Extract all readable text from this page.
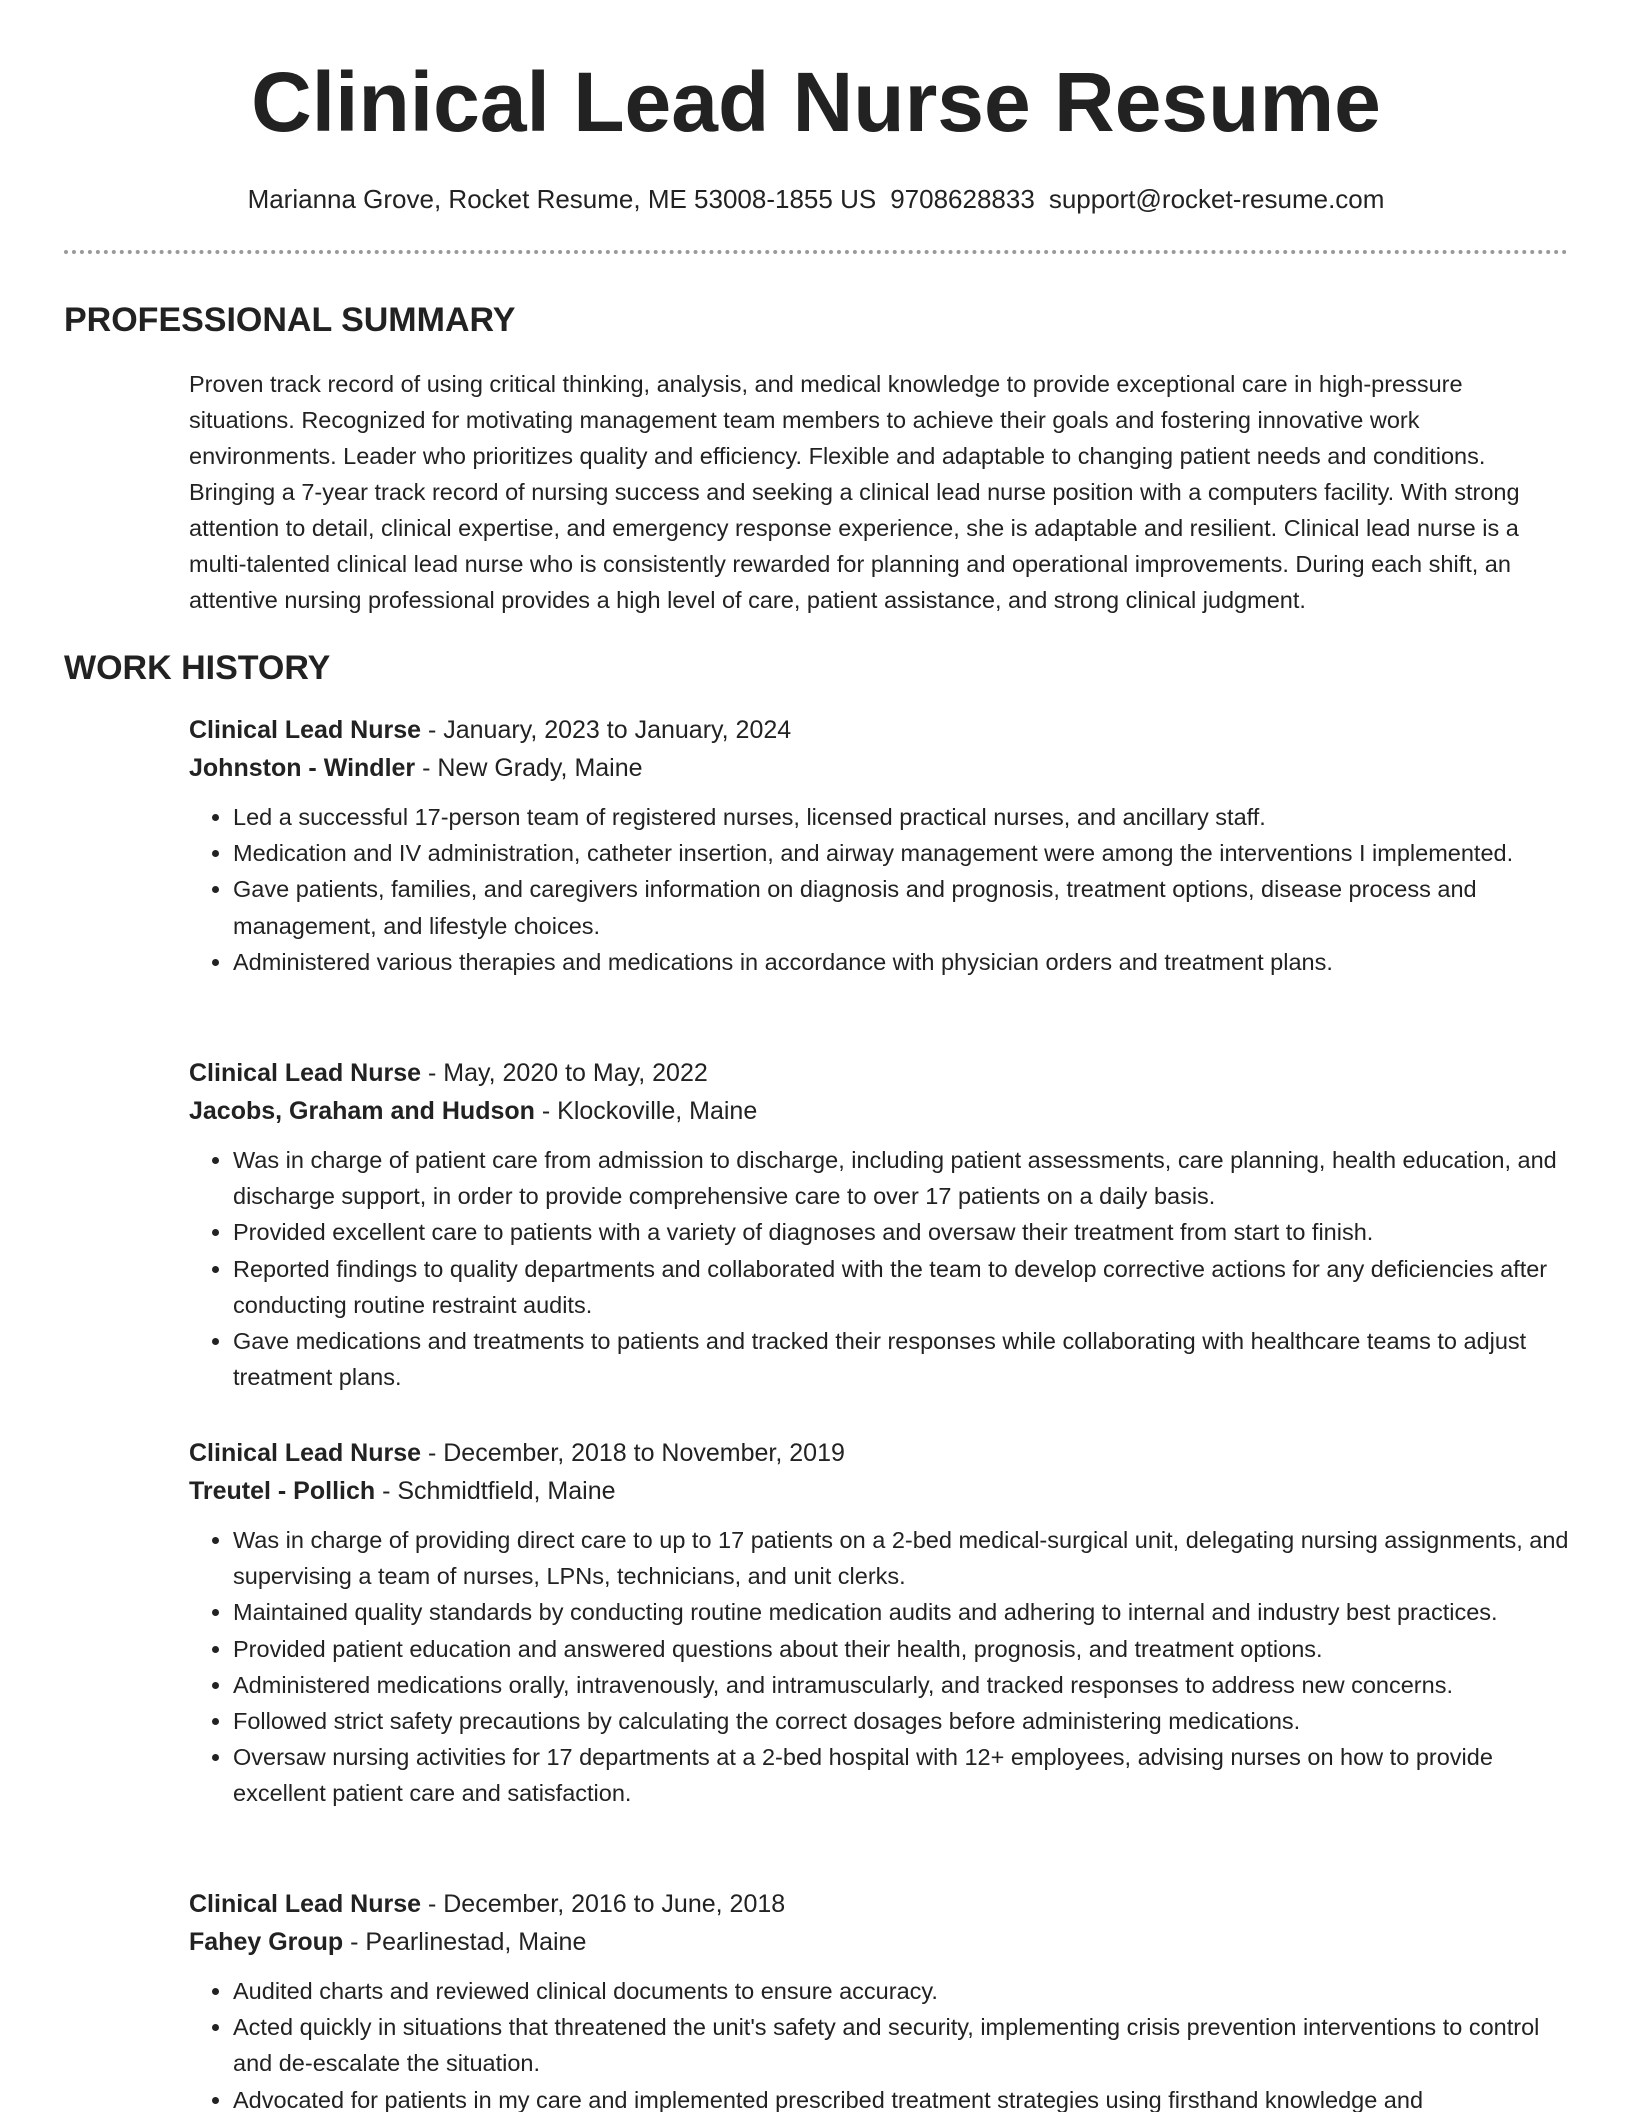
Clinical Lead Nurse Resume
Marianna Grove, Rocket Resume, ME 53008-1855 US 9708628833 support@rocket-resume.com
PROFESSIONAL SUMMARY

Proven track record of using critical thinking, analysis, and medical knowledge to provide exceptional care in high-pressure situations. Recognized for motivating management team members to achieve their goals and fostering innovative work environments. Leader who prioritizes quality and efficiency. Flexible and adaptable to changing patient needs and conditions. Bringing a 7-year track record of nursing success and seeking a clinical lead nurse position with a computers facility. With strong attention to detail, clinical expertise, and emergency response experience, she is adaptable and resilient. Clinical lead nurse is a multi-talented clinical lead nurse who is consistently rewarded for planning and operational improvements. During each shift, an attentive nursing professional provides a high level of care, patient assistance, and strong clinical judgment.

WORK HISTORY
Clinical Lead Nurse - January, 2023 to January, 2024
Johnston - Windler - New Grady, Maine
• Led a successful 17-person team of registered nurses, licensed practical nurses, and ancillary staff.
• Medication and IV administration, catheter insertion, and airway management were among the interventions I implemented.
• Gave patients, families, and caregivers information on diagnosis and prognosis, treatment options, disease process and management, and lifestyle choices.
• Administered various therapies and medications in accordance with physician orders and treatment plans.
Clinical Lead Nurse - May, 2020 to May, 2022
Jacobs, Graham and Hudson - Klockoville, Maine
• Was in charge of patient care from admission to discharge, including patient assessments, care planning, health education, and discharge support, in order to provide comprehensive care to over 17 patients on a daily basis.
• Provided excellent care to patients with a variety of diagnoses and oversaw their treatment from start to finish.
• Reported findings to quality departments and collaborated with the team to develop corrective actions for any deficiencies after conducting routine restraint audits.
• Gave medications and treatments to patients and tracked their responses while collaborating with healthcare teams to adjust treatment plans.
Clinical Lead Nurse - December, 2018 to November, 2019
Treutel - Pollich - Schmidtfield, Maine
• Was in charge of providing direct care to up to 17 patients on a 2-bed medical-surgical unit, delegating nursing assignments, and supervising a team of nurses, LPNs, technicians, and unit clerks.
• Maintained quality standards by conducting routine medication audits and adhering to internal and industry best practices.
• Provided patient education and answered questions about their health, prognosis, and treatment options.
• Administered medications orally, intravenously, and intramuscularly, and tracked responses to address new concerns.
• Followed strict safety precautions by calculating the correct dosages before administering medications.
• Oversaw nursing activities for 17 departments at a 2-bed hospital with 12+ employees, advising nurses on how to provide excellent patient care and satisfaction.
Clinical Lead Nurse - December, 2016 to June, 2018
Fahey Group - Pearlinestad, Maine
• Audited charts and reviewed clinical documents to ensure accuracy.
• Acted quickly in situations that threatened the unit's safety and security, implementing crisis prevention interventions to control and de-escalate the situation.
• Advocated for patients in my care and implemented prescribed treatment strategies using firsthand knowledge and
